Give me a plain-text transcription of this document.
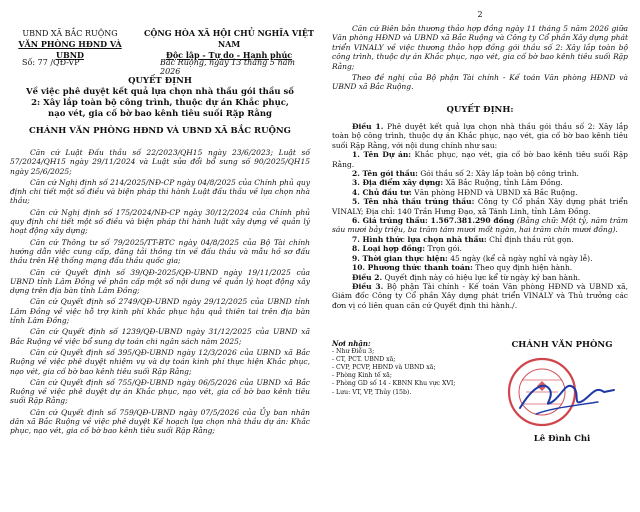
UBND XÃ BẮC RUỘNG
VĂN PHÒNG HĐND VÀ UBND
CỘNG HÒA XÃ HỘI CHỦ NGHĨA VIỆT NAM
Độc lập - Tự do - Hạnh phúc
Số: 77 /QĐ-VP	Bắc Ruộng, ngày 13 tháng 5 năm 2026
QUYẾT ĐỊNH
Về việc phê duyệt kết quả lựa chọn nhà thầu gói thầu số 2: Xây lắp toàn bộ công trình, thuộc dự án Khắc phục, nạo vét, gia cố bờ bao kênh tiêu suối Rặp Rằng
CHÁNH VĂN PHÒNG HĐND VÀ UBND XÃ BẮC RUỘNG
Căn cứ Luật Đấu thầu số 22/2023/QH15 ngày 23/6/2023; Luật số 57/2024/QH15 ngày 29/11/2024 và Luật sửa đổi bổ sung số 90/2025/QH15 ngày 25/6/2025;
Căn cứ Nghị định số 214/2025/NĐ-CP ngày 04/8/2025 của Chính phủ quy định chi tiết một số điều và biện pháp thi hành Luật đấu thầu về lựa chọn nhà thầu;
Căn cứ Nghị định số 175/2024/NĐ-CP ngày 30/12/2024 của Chính phủ quy định chi tiết một số điều và biện pháp thi hành luật xây dựng về quản lý hoạt động xây dựng;
Căn cứ Thông tư số 79/2025/TT-BTC ngày 04/8/2025 của Bộ Tài chính hướng dẫn việc cung cấp, đăng tải thông tin về đấu thầu và mẫu hồ sơ đấu thầu trên Hệ thống mạng đấu thầu quốc gia;
Căn cứ Quyết định số 39/QĐ-2025/QĐ-UBND ngày 19/11/2025 của UBND tỉnh Lâm Đồng về phân cấp một số nội dung về quản lý hoạt động xây dựng trên địa bàn tỉnh Lâm Đồng;
Căn cứ Quyết định số 2749/QĐ-UBND ngày 29/12/2025 của UBND tỉnh Lâm Đồng về việc hỗ trợ kinh phí khắc phục hậu quả thiên tai trên địa bàn tỉnh Lâm Đồng;
Căn cứ Quyết định số 1239/QĐ-UBND ngày 31/12/2025 của UBND xã Bắc Ruộng về việc bổ sung dự toán chi ngân sách năm 2025;
Căn cứ Quyết định số 395/QĐ-UBND ngày 12/3/2026 của UBND xã Bắc Ruộng về việc phê duyệt nhiệm vụ và dự toán kinh phí thực hiện Khắc phục, nạo vét, gia cố bờ bao kênh tiêu suối Rặp Rằng;
Căn cứ Quyết định số 755/QĐ-UBND ngày 06/5/2026 của UBND xã Bắc Ruộng về việc phê duyệt dự án Khắc phục, nạo vét, gia cố bờ bao kênh tiêu suối Rặp Rằng;
Căn cứ Quyết định số 759/QĐ-UBND ngày 07/5/2026 của Ủy ban nhân dân xã Bắc Ruộng về việc phê duyệt Kế hoạch lựa chọn nhà thầu dự án: Khắc phục, nạo vét, gia cố bờ bao kênh tiêu suối Rặp Rằng;
2
Căn cứ Biên bản thương thảo hợp đồng ngày 11 tháng 5 năm 2026 giữa Văn phòng HĐND và UBND xã Bắc Ruộng và Công ty Cổ phần Xây dựng phát triển VINALY về việc thương thảo hợp đồng gói thầu số 2: Xây lắp toàn bộ công trình, thuộc dự án Khắc phục, nạo vét, gia cố bờ bao kênh tiêu suối Rặp Rằng;
Theo đề nghị của Bộ phận Tài chính - Kế toán Văn phòng HĐND và UBND xã Bắc Ruộng.
QUYẾT ĐỊNH:
Điều 1. Phê duyệt kết quả lựa chọn nhà thầu gói thầu số 2: Xây lắp toàn bộ công trình, thuộc dự án Khắc phục, nạo vét, gia cố bờ bao kênh tiêu suối Rặp Rằng, với nội dung chính như sau:
1. Tên Dự án: Khắc phục, nạo vét, gia cố bờ bao kênh tiêu suối Rặp Rằng.
2. Tên gói thầu: Gói thầu số 2: Xây lắp toàn bộ công trình.
3. Địa điểm xây dựng: Xã Bắc Ruộng, tỉnh Lâm Đồng.
4. Chủ đầu tư: Văn phòng HĐND và UBND xã Bắc Ruộng.
5. Tên nhà thầu trúng thầu: Công ty Cổ phần Xây dựng phát triển VINALY; Địa chỉ: 140 Trần Hưng Đạo, xã Tánh Linh, tỉnh Lâm Đồng.
6. Giá trúng thầu: 1.567.381.290 đồng (Bằng chữ: Một tỷ, năm trăm sáu mươi bảy triệu, ba trăm tám mươi mốt ngàn, hai trăm chín mươi đồng).
7. Hình thức lựa chọn nhà thầu: Chỉ định thầu rút gọn.
8. Loại hợp đồng: Trọn gói.
9. Thời gian thực hiện: 45 ngày (kể cả ngày nghỉ và ngày lễ).
10. Phương thức thanh toán: Theo quy định hiện hành.
Điều 2. Quyết định này có hiệu lực kể từ ngày ký ban hành.
Điều 3. Bộ phận Tài chính - Kế toán Văn phòng HĐND và UBND xã, Giám đốc Công ty Cổ phần Xây dựng phát triển VINALY và Thủ trưởng các đơn vị có liên quan căn cứ Quyết định thi hành./.
Nơi nhận:
- Như Điều 3;
- CT, PCT. UBND xã;
- CVP, PCVP, HĐND và UBND xã;
- Phòng Kinh tế xã;
- Phòng GD số 14 - KBNN Khu vực XVI;
- Lưu: VT, VP, Thủy (15b).
CHÁNH VĂN PHÒNG
Lê Đình Chi
